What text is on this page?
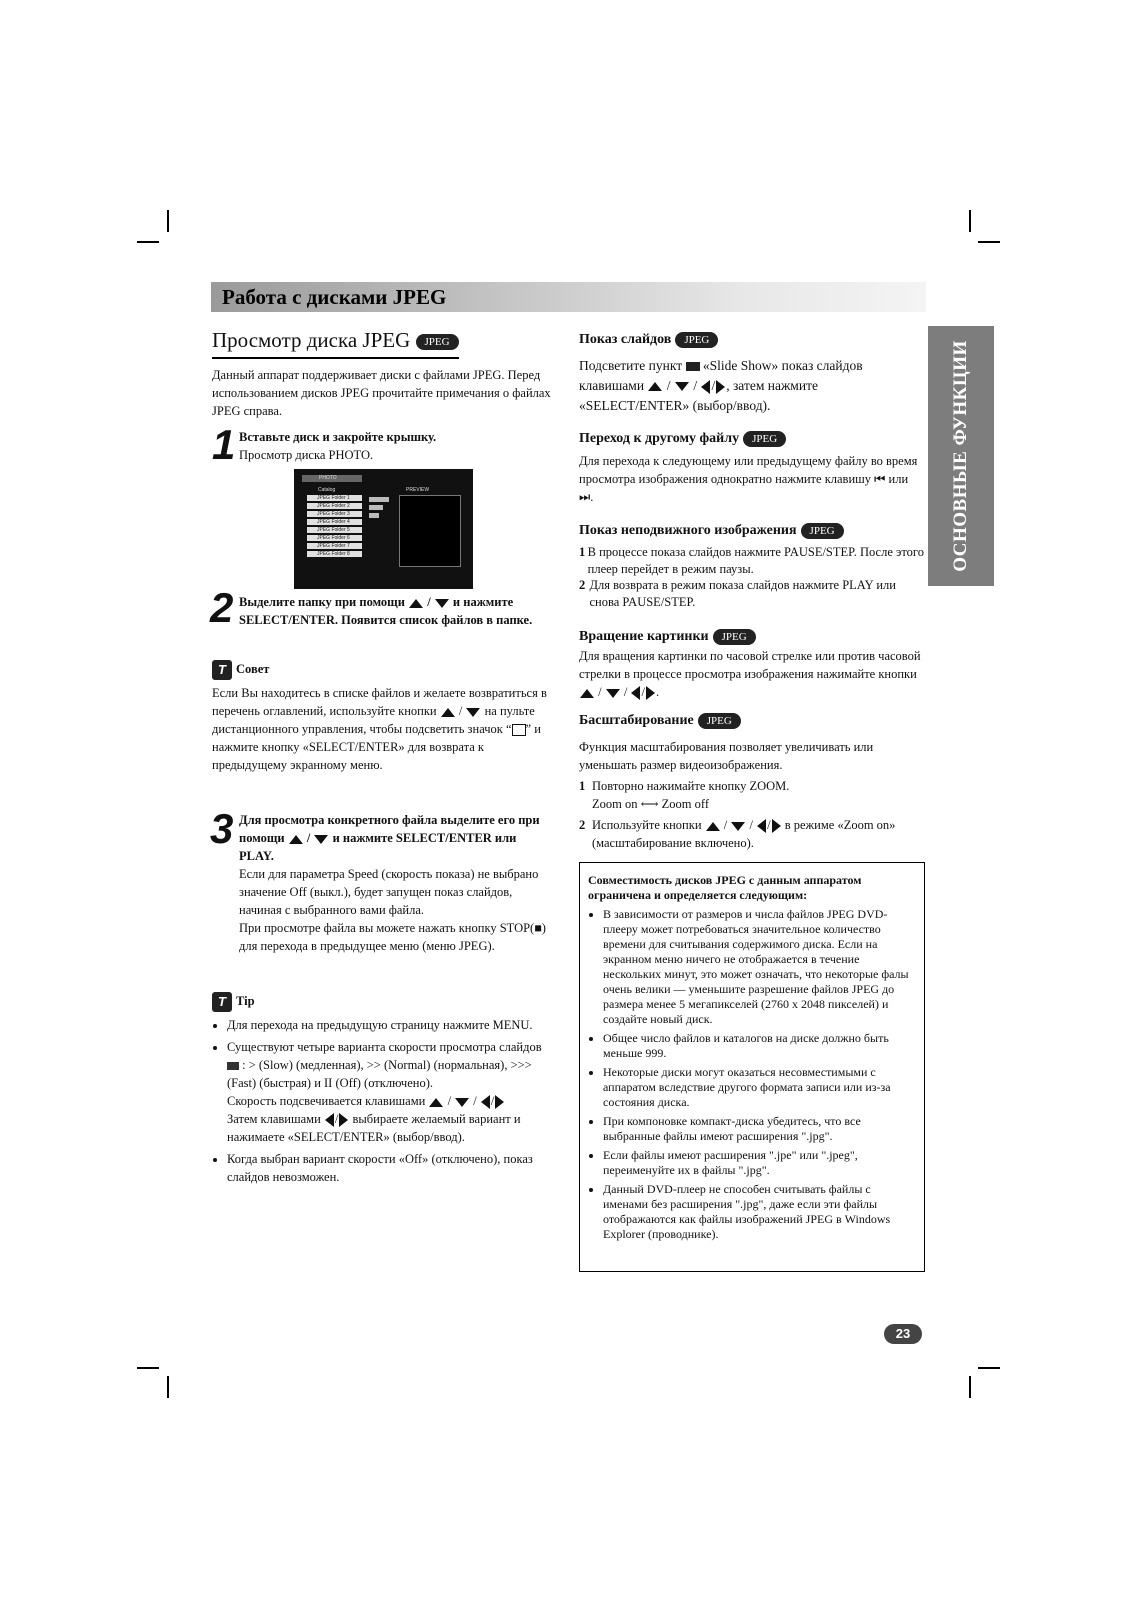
Работа с дисками JPEG
ОСНОВНЫЕ ФУНКЦИИ
Просмотр диска JPEG JPEG
Данный аппарат поддерживает диски с файлами JPEG. Перед использованием дисков JPEG прочитайте примечания о файлах JPEG справа.
1 Вставьте диск и закройте крышку.
Просмотр диска PHOTO.
PHOTO
Сatalog
JPEG Folder 1
JPEG Folder 2
JPEG Folder 3
JPEG Folder 4
JPEG Folder 5
JPEG Folder 6
JPEG Folder 7
JPEG Folder 8
PREVIEW
2 Выделите папку при помощи  /  и нажмите SELECT/ENTER. Появится список файлов в папке.
T Совет
Если Вы находитесь в списке файлов и желаете возвратиться в перечень оглавлений, используйте кнопки  /  на пульте дистанционного управления, чтобы подсветить значок “ ” и нажмите кнопку «SELECT/ENTER» для возврата к предыдущему экранному меню.
3 Для просмотра конкретного файла выделите его при помощи  /  и нажмите SELECT/ENTER или PLAY.
Если для параметра Speed (скорость показа) не выбрано значение Off (выкл.), будет запущен показ слайдов, начиная с выбранного вами файла.
При просмотре файла вы можете нажать кнопку STOP(■) для перехода в предыдущее меню (меню JPEG).
T Tip
• Для перехода на предыдущую страницу нажмите MENU.
• Существуют четыре варианта скорости просмотра слайдов  : > (Slow) (медленная), >> (Normal) (нормальная), >>>(Fast) (быстрая) и II (Off) (отключено).
Скорость подсвечивается клавишами  /  / /
Затем клавишами / выбираете желаемый вариант и нажимаете «SELECT/ENTER» (выбор/ввод).
• Когда выбран вариант скорости «Off» (отключено), показ слайдов невозможен.
Показ слайдов JPEG
Подсветите пункт «Slide Show» показ слайдов клавишами  /  / / , затем нажмите «SELECT/ENTER» (выбор/ввод).
Переход к другому файлу JPEG
Для перехода к следующему или предыдущему файлу во время просмотра изображения однократно нажмите клавишу ⏮ или ⏭.
Показ неподвижного изображения JPEG
1 В процессе показа слайдов нажмите PAUSE/STEP. После этого плеер перейдет в режим паузы.
2 Для возврата в режим показа слайдов нажмите PLAY или снова PAUSE/STEP.
Вращение картинки JPEG
Для вращения картинки по часовой стрелке или против часовой стрелки в процессе просмотра изображения нажимайте кнопки  /  / / .
Басштабирование JPEG
Функция масштабирования позволяет увеличивать или уменьшать размер видеоизображения.
1 Повторно нажимайте кнопку ZOOM.
Zoom on ⟷ Zoom off
2 Используйте кнопки  /  / / в режиме «Zoom on» (масштабирование включено).
Совместимость дисков JPEG с данным аппаратом ограничена и определяется следующим:
• В зависимости от размеров и числа файлов JPEG DVD-плееру может потребоваться значительное количество времени для считывания содержимого диска. Если на экранном меню ничего не отображается в течение нескольких минут, это может означать, что некоторые фалы очень велики — уменьшите разрешение файлов JPEG до размера менее 5 мегапикселей (2760 x 2048 пикселей) и создайте новый диск.
• Общее число файлов и каталогов на диске должно быть меньше 999.
• Некоторые диски могут оказаться несовместимыми с аппаратом вследствие другого формата записи или из-за состояния диска.
• При компоновке компакт-диска убедитесь, что все выбранные файлы имеют расширения ".jpg".
• Если файлы имеют расширения ".jpe" или ".jpeg", переименуйте их в файлы ".jpg".
• Данный DVD-плеер не способен считывать файлы с именами без расширения ".jpg", даже если эти файлы отображаются как файлы изображений JPEG в Windows Explorer (проводнике).
23
